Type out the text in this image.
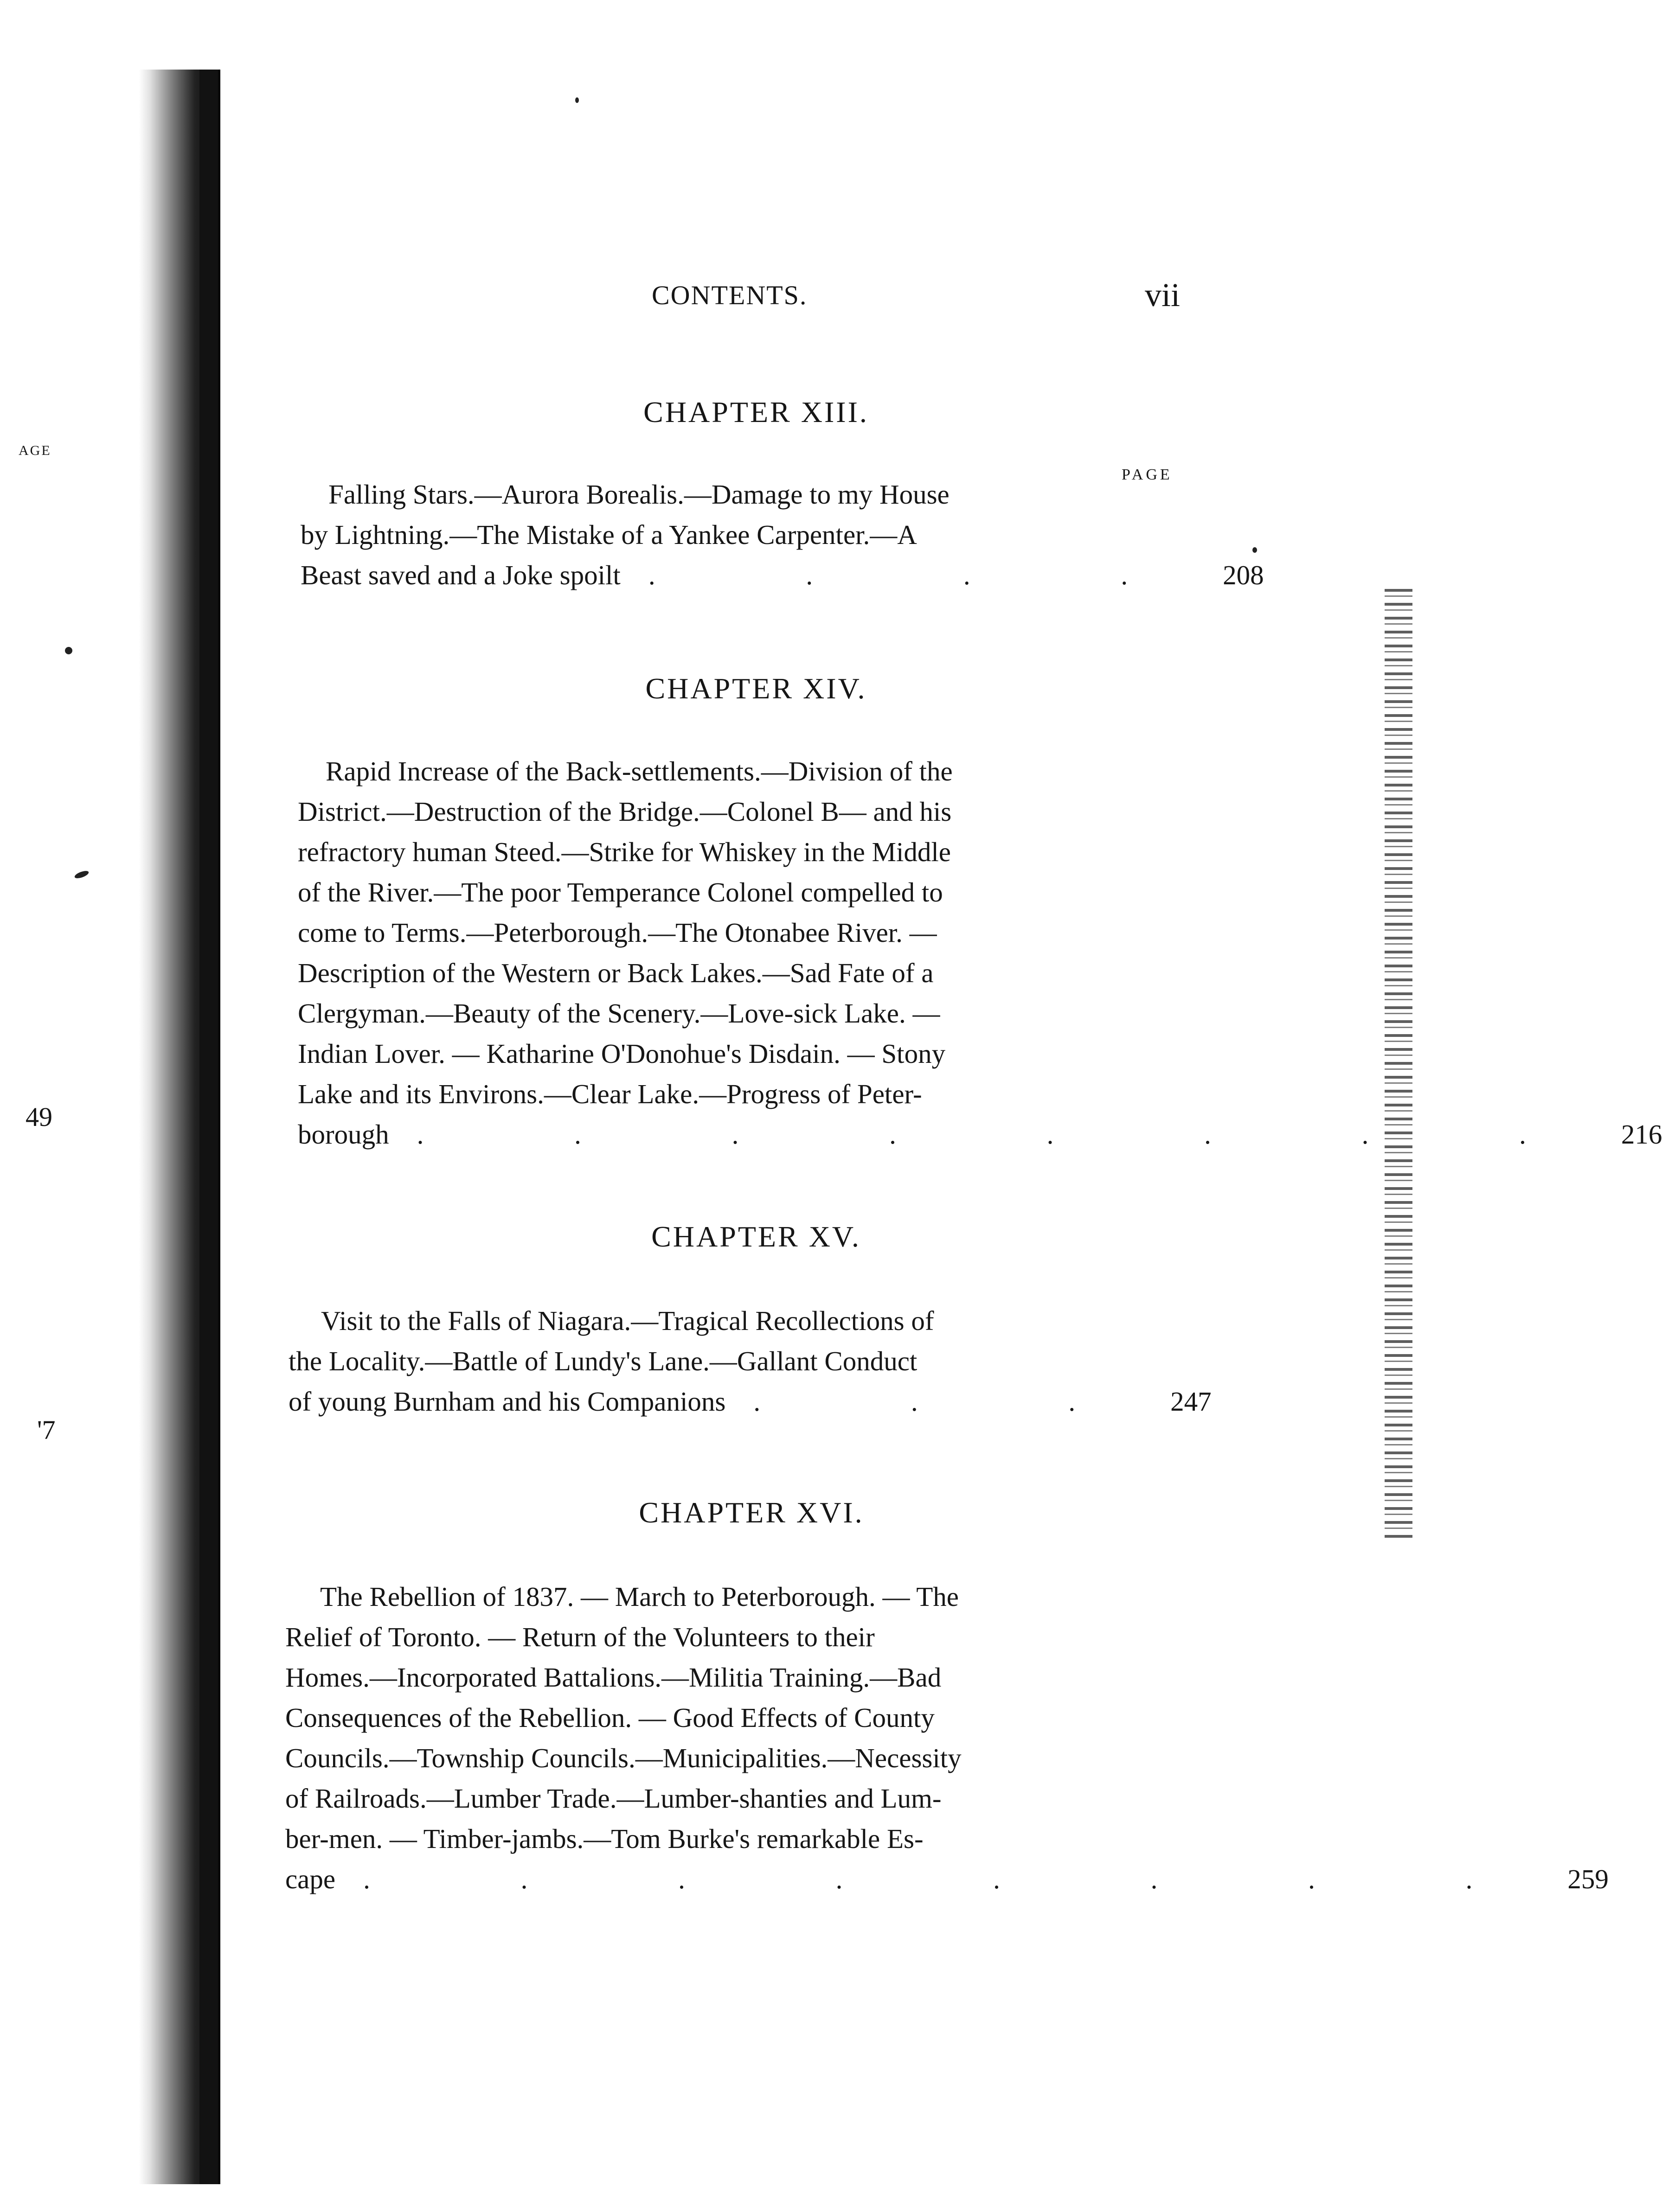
AGE
49
'7
CONTENTS.	vii
CHAPTER XIII.
PAGE
Falling Stars.—Aurora Borealis.—Damage to my House
by Lightning.—The Mistake of a Yankee Carpenter.—A
Beast saved and a Joke spoilt	. . . . 208
CHAPTER XIV.
Rapid Increase of the Back-settlements.—Division of the
District.—Destruction of the Bridge.—Colonel B— and his
refractory human Steed.—Strike for Whiskey in the Middle
of the River.—The poor Temperance Colonel compelled to
come to Terms.—Peterborough.—The Otonabee River. —
Description of the Western or Back Lakes.—Sad Fate of a
Clergyman.—Beauty of the Scenery.—Love-sick Lake. —
Indian Lover. — Katharine O'Donohue's Disdain. — Stony
Lake and its Environs.—Clear Lake.—Progress of Peter-
borough	. . . . . . . . 216
CHAPTER XV.
Visit to the Falls of Niagara.—Tragical Recollections of
the Locality.—Battle of Lundy's Lane.—Gallant Conduct
of young Burnham and his Companions	. . . 247
CHAPTER XVI.
The Rebellion of 1837. — March to Peterborough. — The
Relief of Toronto. — Return of the Volunteers to their
Homes.—Incorporated Battalions.—Militia Training.—Bad
Consequences of the Rebellion. — Good Effects of County
Councils.—Township Councils.—Municipalities.—Necessity
of Railroads.—Lumber Trade.—Lumber-shanties and Lum-
ber-men. — Timber-jambs.—Tom Burke's remarkable Es-
cape	. . . . . . . . 259
